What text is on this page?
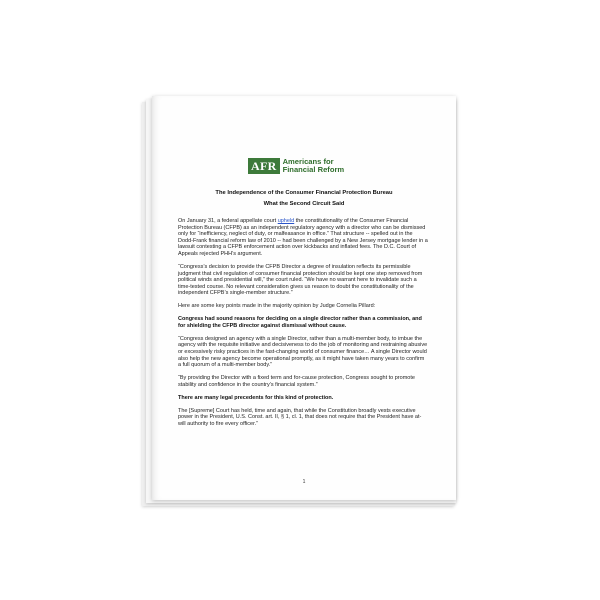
AFR Americans for
Financial Reform
The Independence of the Consumer Financial Protection Bureau
What the Second Circuit Said

On January 31, a federal appellate court upheld the constitutionality of the Consumer Financial Protection Bureau (CFPB) as an independent regulatory agency with a director who can be dismissed only for “inefficiency, neglect of duty, or malfeasance in office.” That structure -- spelled out in the Dodd-Frank financial reform law of 2010 -- had been challenged by a New Jersey mortgage lender in a lawsuit contesting a CFPB enforcement action over kickbacks and inflated fees. The D.C. Court of Appeals rejected PHH’s argument.

“Congress’s decision to provide the CFPB Director a degree of insulation reflects its permissible judgment that civil regulation of consumer financial protection should be kept one step removed from political winds and presidential will,” the court ruled. “We have no warrant here to invalidate such a time-tested course. No relevant consideration gives us reason to doubt the constitutionality of the independent CFPB’s single-member structure.”

Here are some key points made in the majority opinion by Judge Cornelia Pillard:

Congress had sound reasons for deciding on a single director rather than a commission, and for shielding the CFPB director against dismissal without cause.

“Congress designed an agency with a single Director, rather than a multi-member body, to imbue the agency with the requisite initiative and decisiveness to do the job of monitoring and restraining abusive or excessively risky practices in the fast-changing world of consumer finance… A single Director would also help the new agency become operational promptly, as it might have taken many years to confirm a full quorum of a multi-member body.”

“By providing the Director with a fixed term and for-cause protection, Congress sought to promote stability and confidence in the country’s financial system.”

There are many legal precedents for this kind of protection.

The [Supreme] Court has held, time and again, that while the Constitution broadly vests executive power in the President, U.S. Const. art. II, § 1, cl. 1, that does not require that the President have at-will authority to fire every officer.”

1
